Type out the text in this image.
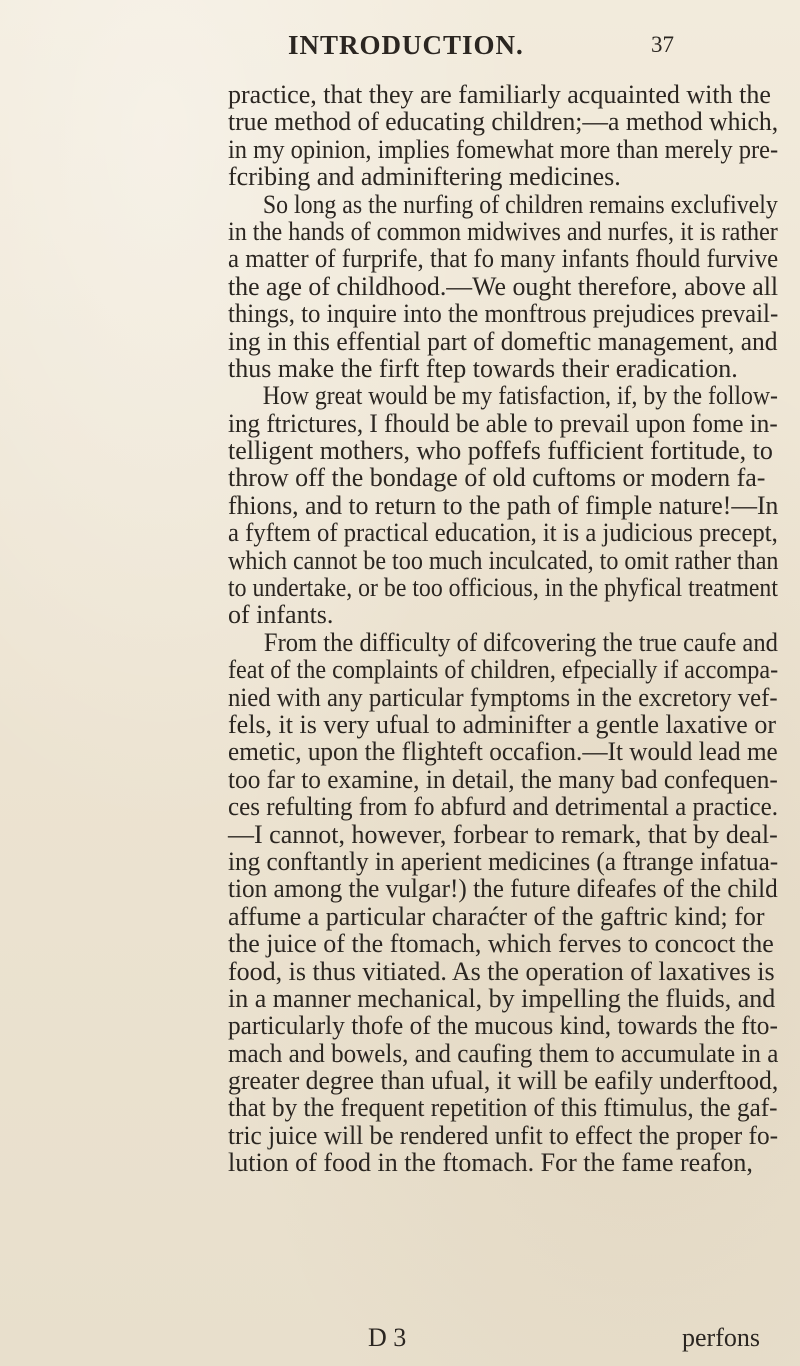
INTRODUCTION.	37
practice, that they are familiarly acquainted with the
true method of educating children;—a method which,
in my opinion, implies fomewhat more than merely pre-
fcribing and adminiftering medicines.
So long as the nurfing of children remains exclufively
in the hands of common midwives and nurfes, it is rather
a matter of furprife, that fo many infants fhould furvive
the age of childhood.—We ought therefore, above all
things, to inquire into the monftrous prejudices prevail-
ing in this effential part of domeftic management, and
thus make the firft ftep towards their eradication.
How great would be my fatisfaction, if, by the follow-
ing ftrictures, I fhould be able to prevail upon fome in-
telligent mothers, who poffefs fufficient fortitude, to
throw off the bondage of old cuftoms or modern fa-
fhions, and to return to the path of fimple nature!—In
a fyftem of practical education, it is a judicious precept,
which cannot be too much inculcated, to omit rather than
to undertake, or be too officious, in the phyfical treatment
of infants.
From the difficulty of difcovering the true caufe and
feat of the complaints of children, efpecially if accompa-
nied with any particular fymptoms in the excretory vef-
fels, it is very ufual to adminifter a gentle laxative or
emetic, upon the flighteft occafion.—It would lead me
too far to examine, in detail, the many bad confequen-
ces refulting from fo abfurd and detrimental a practice.
—I cannot, however, forbear to remark, that by deal-
ing conftantly in aperient medicines (a ftrange infatua-
tion among the vulgar!) the future difeafes of the child
affume a particular charaćter of the gaftric kind; for
the juice of the ftomach, which ferves to concoct the
food, is thus vitiated. As the operation of laxatives is
in a manner mechanical, by impelling the fluids, and
particularly thofe of the mucous kind, towards the fto-
mach and bowels, and caufing them to accumulate in a
greater degree than ufual, it will be eafily underftood,
that by the frequent repetition of this ftimulus, the gaf-
tric juice will be rendered unfit to effect the proper fo-
lution of food in the ftomach. For the fame reafon,
D 3	perfons
